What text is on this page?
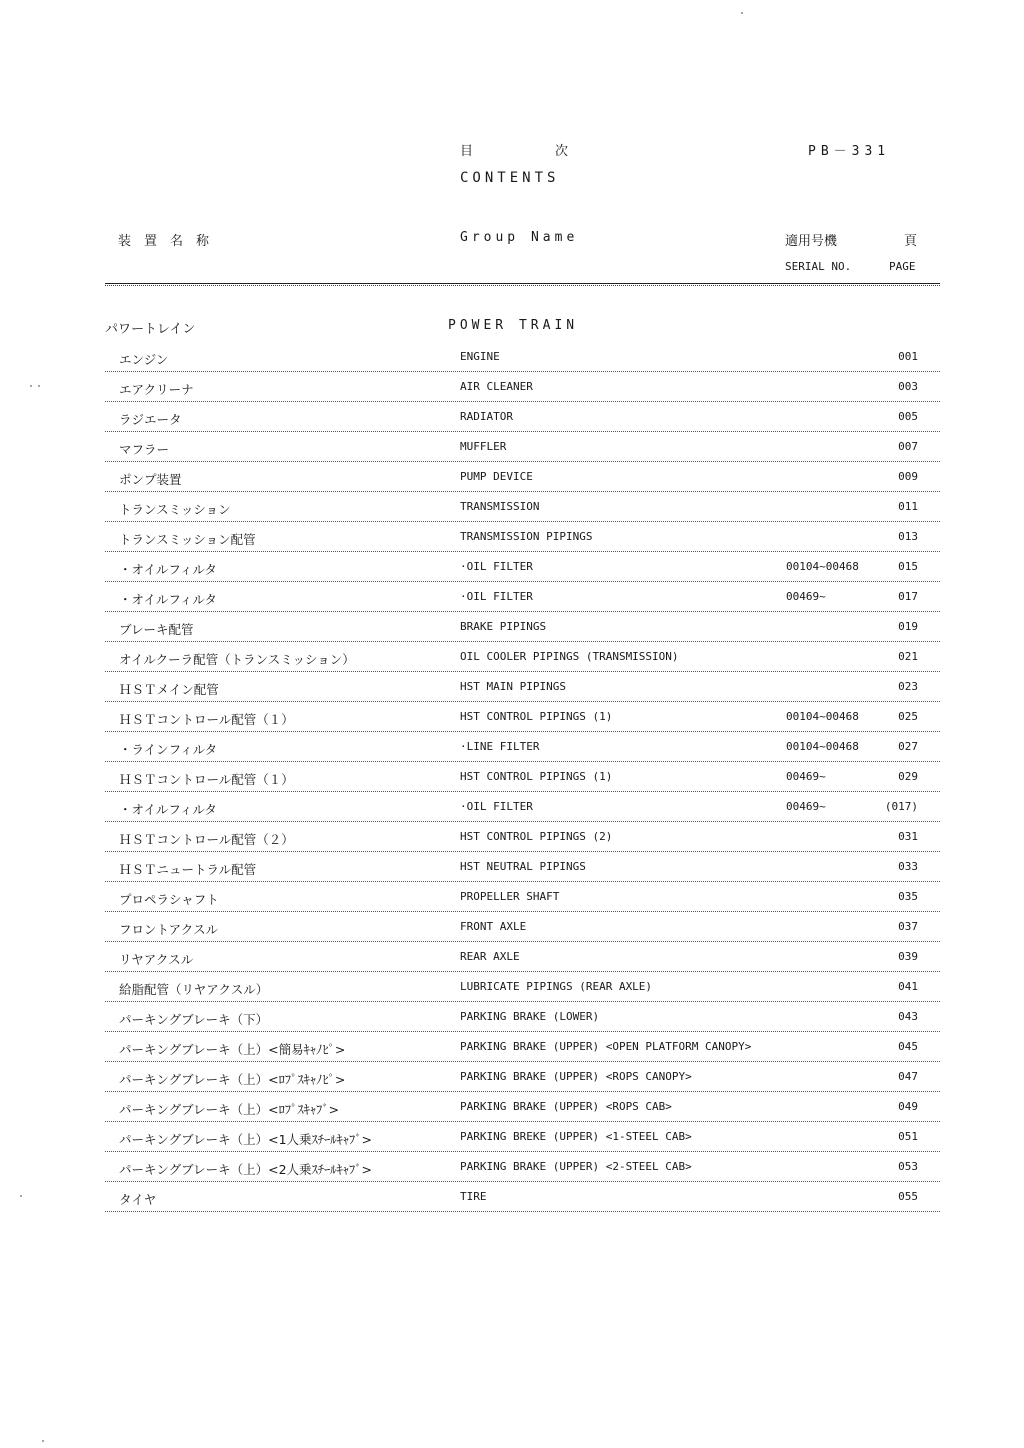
目	次	PB－331
CONTENTS
装置名称	Group Name	適用号機	頁
SERIAL NO.	PAGE
パワートレイン	POWER TRAIN
エンジン	ENGINE	001
エアクリーナ	AIR CLEANER	003
ラジエータ	RADIATOR	005
マフラー	MUFFLER	007
ポンプ装置	PUMP DEVICE	009
トランスミッション	TRANSMISSION	011
トランスミッション配管	TRANSMISSION PIPINGS	013
・オイルフィルタ	·OIL FILTER	00104~00468	015
・オイルフィルタ	·OIL FILTER	00469~	017
ブレーキ配管	BRAKE PIPINGS	019
オイルクーラ配管（トランスミッション）	OIL COOLER PIPINGS (TRANSMISSION)	021
ＨＳＴメイン配管	HST MAIN PIPINGS	023
ＨＳＴコントロール配管（１）	HST CONTROL PIPINGS (1)	00104~00468	025
・ラインフィルタ	·LINE FILTER	00104~00468	027
ＨＳＴコントロール配管（１）	HST CONTROL PIPINGS (1)	00469~	029
・オイルフィルタ	·OIL FILTER	00469~	(017)
ＨＳＴコントロール配管（２）	HST CONTROL PIPINGS (2)	031
ＨＳＴニュートラル配管	HST NEUTRAL PIPINGS	033
プロペラシャフト	PROPELLER SHAFT	035
フロントアクスル	FRONT AXLE	037
リヤアクスル	REAR AXLE	039
給脂配管（リヤアクスル）	LUBRICATE PIPINGS (REAR AXLE)	041
パーキングブレーキ（下）	PARKING BRAKE (LOWER)	043
パーキングブレーキ（上）<簡易ｷｬﾉﾋﾟ>	PARKING BRAKE (UPPER) <OPEN PLATFORM CANOPY>	045
パーキングブレーキ（上）<ﾛﾌﾟｽｷｬﾉﾋﾟ>	PARKING BRAKE (UPPER) <ROPS CANOPY>	047
パーキングブレーキ（上）<ﾛﾌﾟｽｷｬﾌﾞ>	PARKING BRAKE (UPPER) <ROPS CAB>	049
パーキングブレーキ（上）<1人乗ｽﾁｰﾙｷｬﾌﾞ>	PARKING BREKE (UPPER) <1-STEEL CAB>	051
パーキングブレーキ（上）<2人乗ｽﾁｰﾙｷｬﾌﾞ>	PARKING BRAKE (UPPER) <2-STEEL CAB>	053
タイヤ	TIRE	055
